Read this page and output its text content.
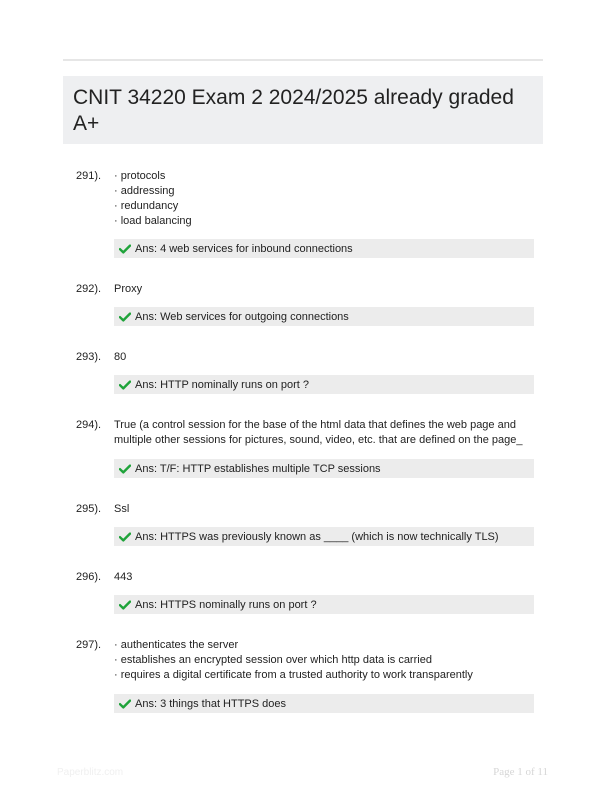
CNIT 34220 Exam 2 2024/2025 already graded A+
291). · protocols
· addressing
· redundancy
· load balancing
Ans: 4 web services for inbound connections
292). Proxy
Ans: Web services for outgoing connections
293). 80
Ans: HTTP nominally runs on port ?
294). True (a control session for the base of the html data that defines the web page and
multiple other sessions for pictures, sound, video, etc. that are defined on the page_
Ans: T/F: HTTP establishes multiple TCP sessions
295). Ssl
Ans: HTTPS was previously known as ____ (which is now technically TLS)
296). 443
Ans: HTTPS nominally runs on port ?
297). · authenticates the server
· establishes an encrypted session over which http data is carried
· requires a digital certificate from a trusted authority to work transparently
Ans: 3 things that HTTPS does
Paperblitz.com	Page 1 of 11
